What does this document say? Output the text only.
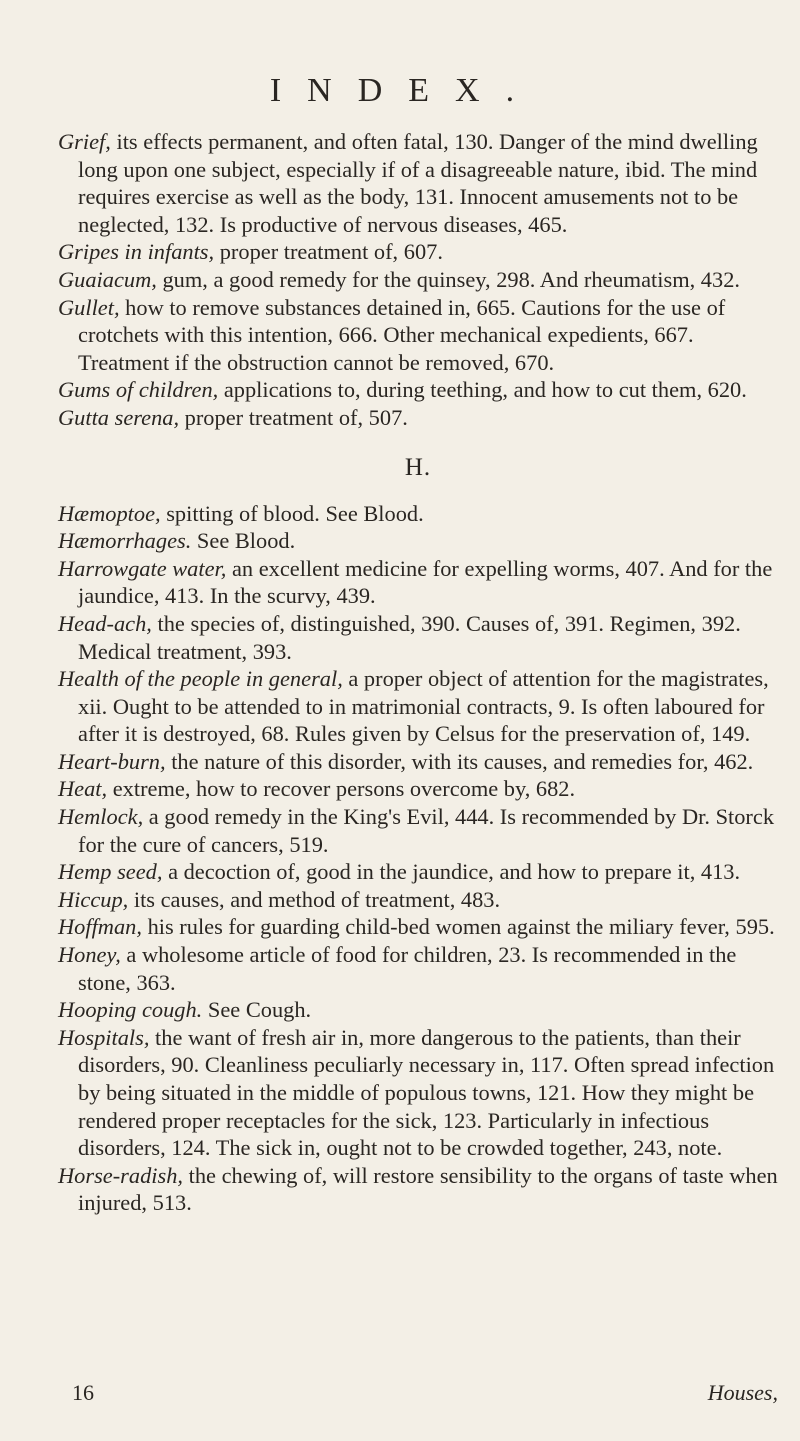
INDEX.

Grief, its effects permanent, and often fatal, 130. Danger of the mind dwelling long upon one subject, especially if of a disagreeable nature, ibid. The mind requires exercise as well as the body, 131. Innocent amusements not to be neglected, 132. Is productive of nervous diseases, 465.

Gripes in infants, proper treatment of, 607.

Guaiacum, gum, a good remedy for the quinsey, 298. And rheumatism, 432.

Gullet, how to remove substances detained in, 665. Cautions for the use of crotchets with this intention, 666. Other mechanical expedients, 667. Treatment if the obstruction cannot be removed, 670.

Gums of children, applications to, during teething, and how to cut them, 620.

Gutta serena, proper treatment of, 507.

H.

Hæmoptoe, spitting of blood. See Blood.

Hæmorrhages. See Blood.

Harrowgate water, an excellent medicine for expelling worms, 407. And for the jaundice, 413. In the scurvy, 439.

Head-ach, the species of, distinguished, 390. Causes of, 391. Regimen, 392. Medical treatment, 393.

Health of the people in general, a proper object of attention for the magistrates, xii. Ought to be attended to in matrimonial contracts, 9. Is often laboured for after it is destroyed, 68. Rules given by Celsus for the preservation of, 149.

Heart-burn, the nature of this disorder, with its causes, and remedies for, 462.

Heat, extreme, how to recover persons overcome by, 682.

Hemlock, a good remedy in the King's Evil, 444. Is recommended by Dr. Storck for the cure of cancers, 519.

Hemp seed, a decoction of, good in the jaundice, and how to prepare it, 413.

Hiccup, its causes, and method of treatment, 483.

Hoffman, his rules for guarding child-bed women against the miliary fever, 595.

Honey, a wholesome article of food for children, 23. Is recommended in the stone, 363.

Hooping cough. See Cough.

Hospitals, the want of fresh air in, more dangerous to the patients, than their disorders, 90. Cleanliness peculiarly necessary in, 117. Often spread infection by being situated in the middle of populous towns, 121. How they might be rendered proper receptacles for the sick, 123. Particularly in infectious disorders, 124. The sick in, ought not to be crowded together, 243, note.

Horse-radish, the chewing of, will restore sensibility to the organs of taste when injured, 513.

16	Houses,
